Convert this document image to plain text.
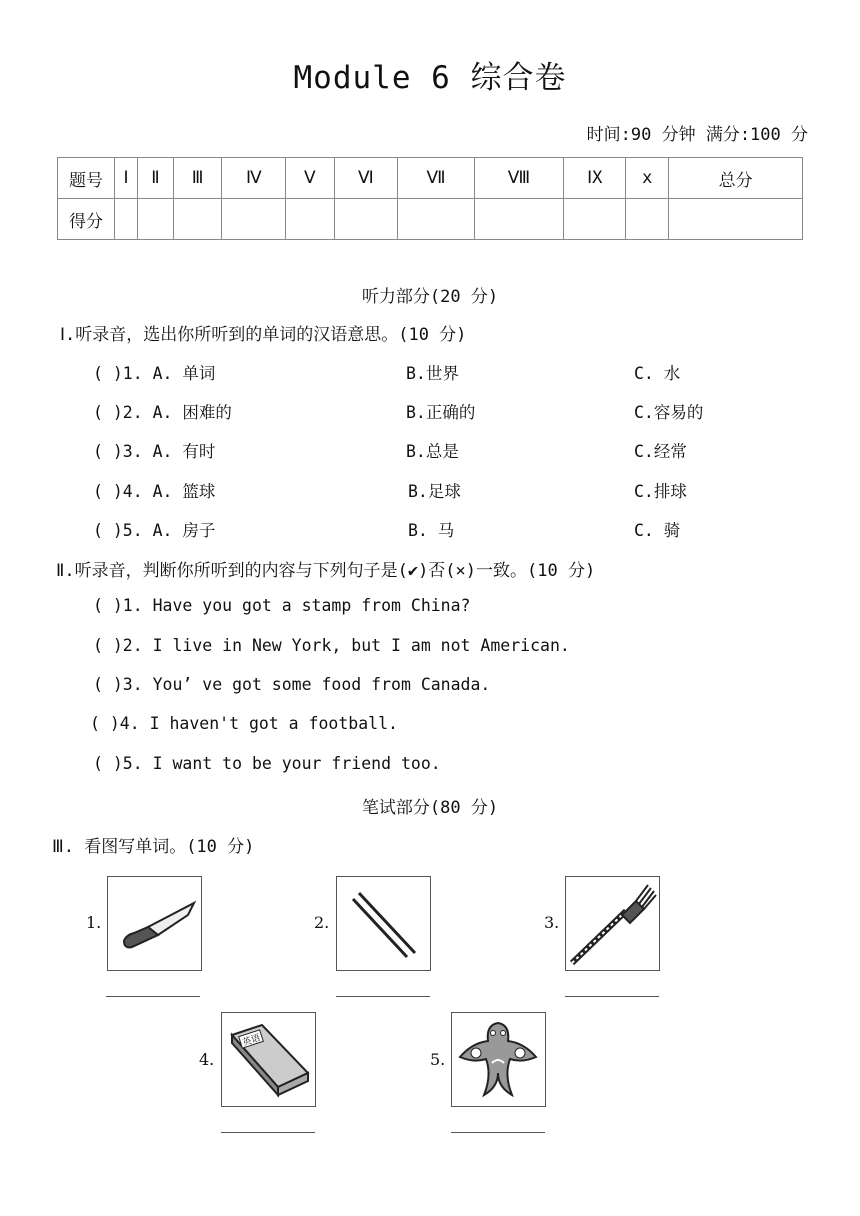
Module 6 综合卷
时间:90 分钟 满分:100 分
题号	Ⅰ	Ⅱ	Ⅲ	Ⅳ	Ⅴ	Ⅵ	Ⅶ	Ⅷ	ⅠX	x	总分
得分											
听力部分(20 分)
Ⅰ.听录音，选出你所听到的单词的汉语意思。(10 分)
( )1. A. 单词	B.世界	C. 水
( )2. A. 困难的	B.正确的	C.容易的
( )3. A. 有时	B.总是	C.经常
( )4. A. 篮球	B.足球	C.排球
( )5. A. 房子	B. 马	C. 骑
Ⅱ.听录音，判断你所听到的内容与下列句子是(✔)否(×)一致。(10 分)
( )1. Have you got a stamp from China?
( )2. I live in New York, but I am not American.
( )3. You’ ve got some food from Canada.
( )4. I haven't got a football.
( )5. I want to be your friend too.
笔试部分(80 分)
Ⅲ. 看图写单词。(10 分)
1.	2.	3.
4.
英语
5.
